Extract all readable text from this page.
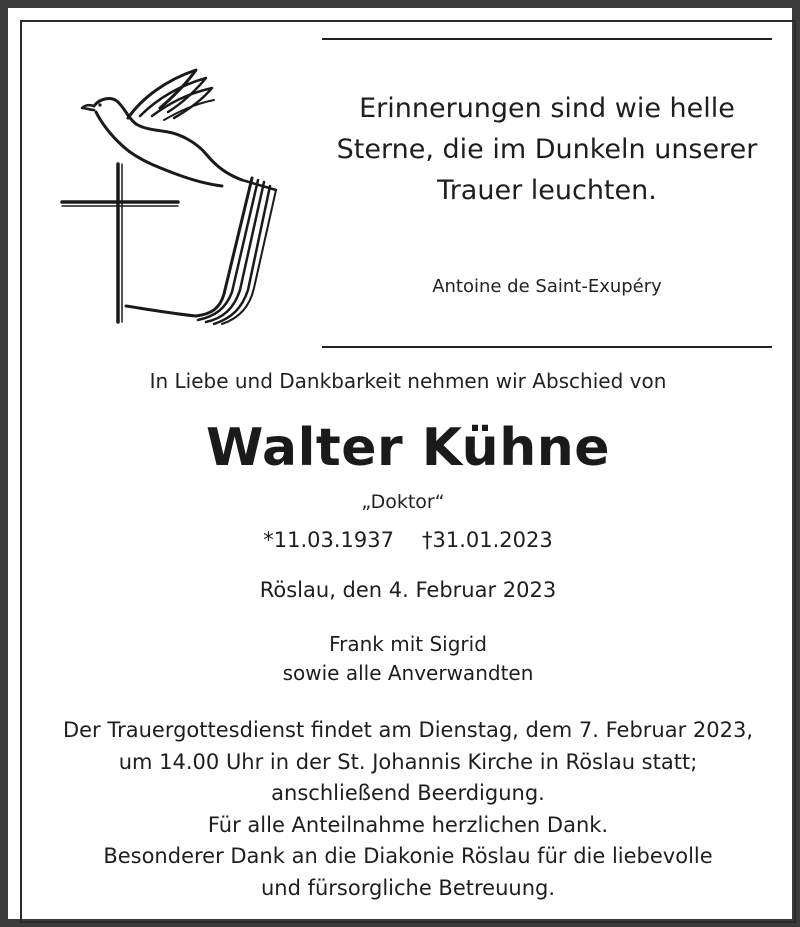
Erinnerungen sind wie helle
Sterne, die im Dunkeln unserer
Trauer leuchten.
Antoine de Saint-Exupéry
In Liebe und Dankbarkeit nehmen wir Abschied von
Walter Kühne
„Doktor“
*11.03.1937 †31.01.2023
Röslau, den 4. Februar 2023
Frank mit Sigrid
sowie alle Anverwandten
Der Trauergottesdienst findet am Dienstag, dem 7. Februar 2023,
um 14.00 Uhr in der St. Johannis Kirche in Röslau statt;
anschließend Beerdigung.
Für alle Anteilnahme herzlichen Dank.
Besonderer Dank an die Diakonie Röslau für die liebevolle
und fürsorgliche Betreuung.
